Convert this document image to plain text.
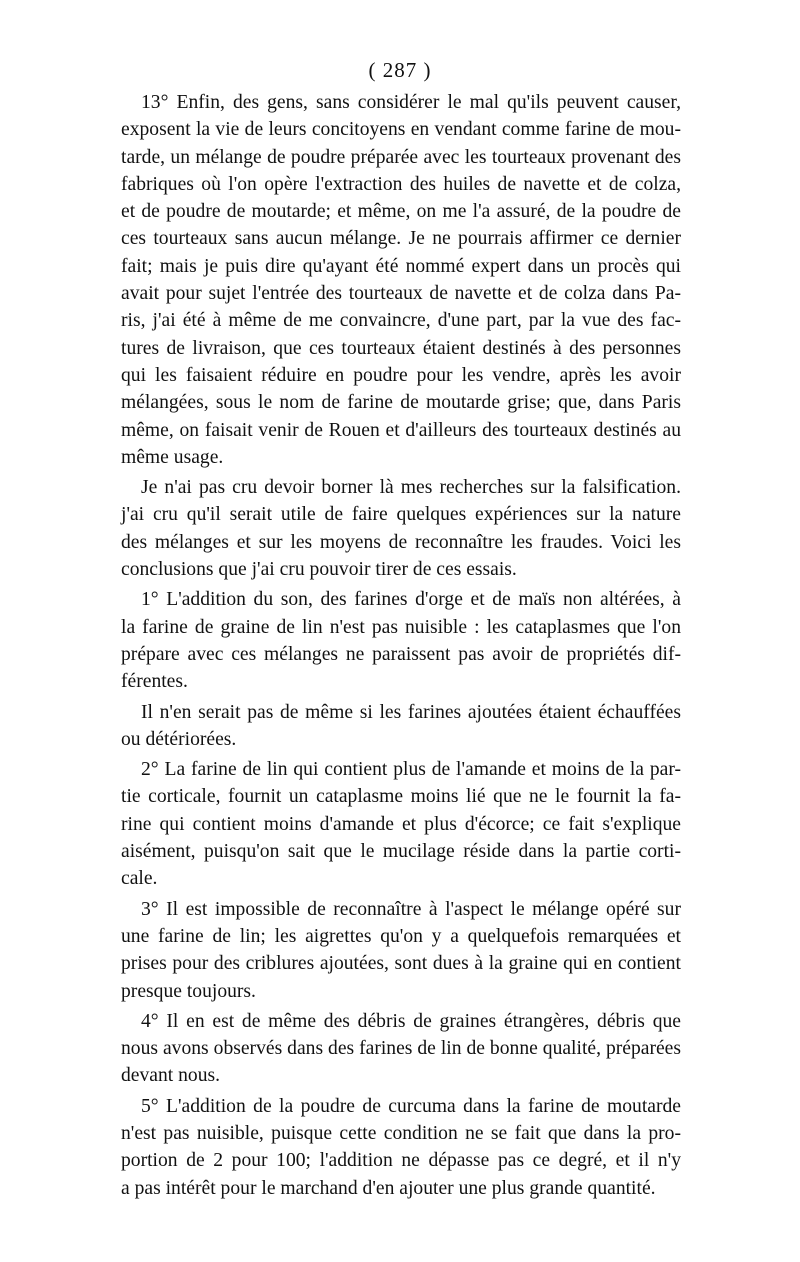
( 287 )
13° Enfin, des gens, sans considérer le mal qu'ils peuvent causer,
exposent la vie de leurs concitoyens en vendant comme farine de mou-
tarde, un mélange de poudre préparée avec les tourteaux provenant des
fabriques où l'on opère l'extraction des huiles de navette et de colza,
et de poudre de moutarde; et même, on me l'a assuré, de la poudre de
ces tourteaux sans aucun mélange. Je ne pourrais affirmer ce dernier
fait; mais je puis dire qu'ayant été nommé expert dans un procès qui
avait pour sujet l'entrée des tourteaux de navette et de colza dans Pa-
ris, j'ai été à même de me convaincre, d'une part, par la vue des fac-
tures de livraison, que ces tourteaux étaient destinés à des personnes
qui les faisaient réduire en poudre pour les vendre, après les avoir
mélangées, sous le nom de farine de moutarde grise; que, dans Paris
même, on faisait venir de Rouen et d'ailleurs des tourteaux destinés au
même usage.
Je n'ai pas cru devoir borner là mes recherches sur la falsification.
j'ai cru qu'il serait utile de faire quelques expériences sur la nature
des mélanges et sur les moyens de reconnaître les fraudes. Voici les
conclusions que j'ai cru pouvoir tirer de ces essais.
1° L'addition du son, des farines d'orge et de maïs non altérées, à
la farine de graine de lin n'est pas nuisible : les cataplasmes que l'on
prépare avec ces mélanges ne paraissent pas avoir de propriétés dif-
férentes.
Il n'en serait pas de même si les farines ajoutées étaient échauffées
ou détériorées.
2° La farine de lin qui contient plus de l'amande et moins de la par-
tie corticale, fournit un cataplasme moins lié que ne le fournit la fa-
rine qui contient moins d'amande et plus d'écorce; ce fait s'explique
aisément, puisqu'on sait que le mucilage réside dans la partie corti-
cale.
3° Il est impossible de reconnaître à l'aspect le mélange opéré sur
une farine de lin; les aigrettes qu'on y a quelquefois remarquées et
prises pour des criblures ajoutées, sont dues à la graine qui en contient
presque toujours.
4° Il en est de même des débris de graines étrangères, débris que
nous avons observés dans des farines de lin de bonne qualité, préparées
devant nous.
5° L'addition de la poudre de curcuma dans la farine de moutarde
n'est pas nuisible, puisque cette condition ne se fait que dans la pro-
portion de 2 pour 100; l'addition ne dépasse pas ce degré, et il n'y
a pas intérêt pour le marchand d'en ajouter une plus grande quantité.
